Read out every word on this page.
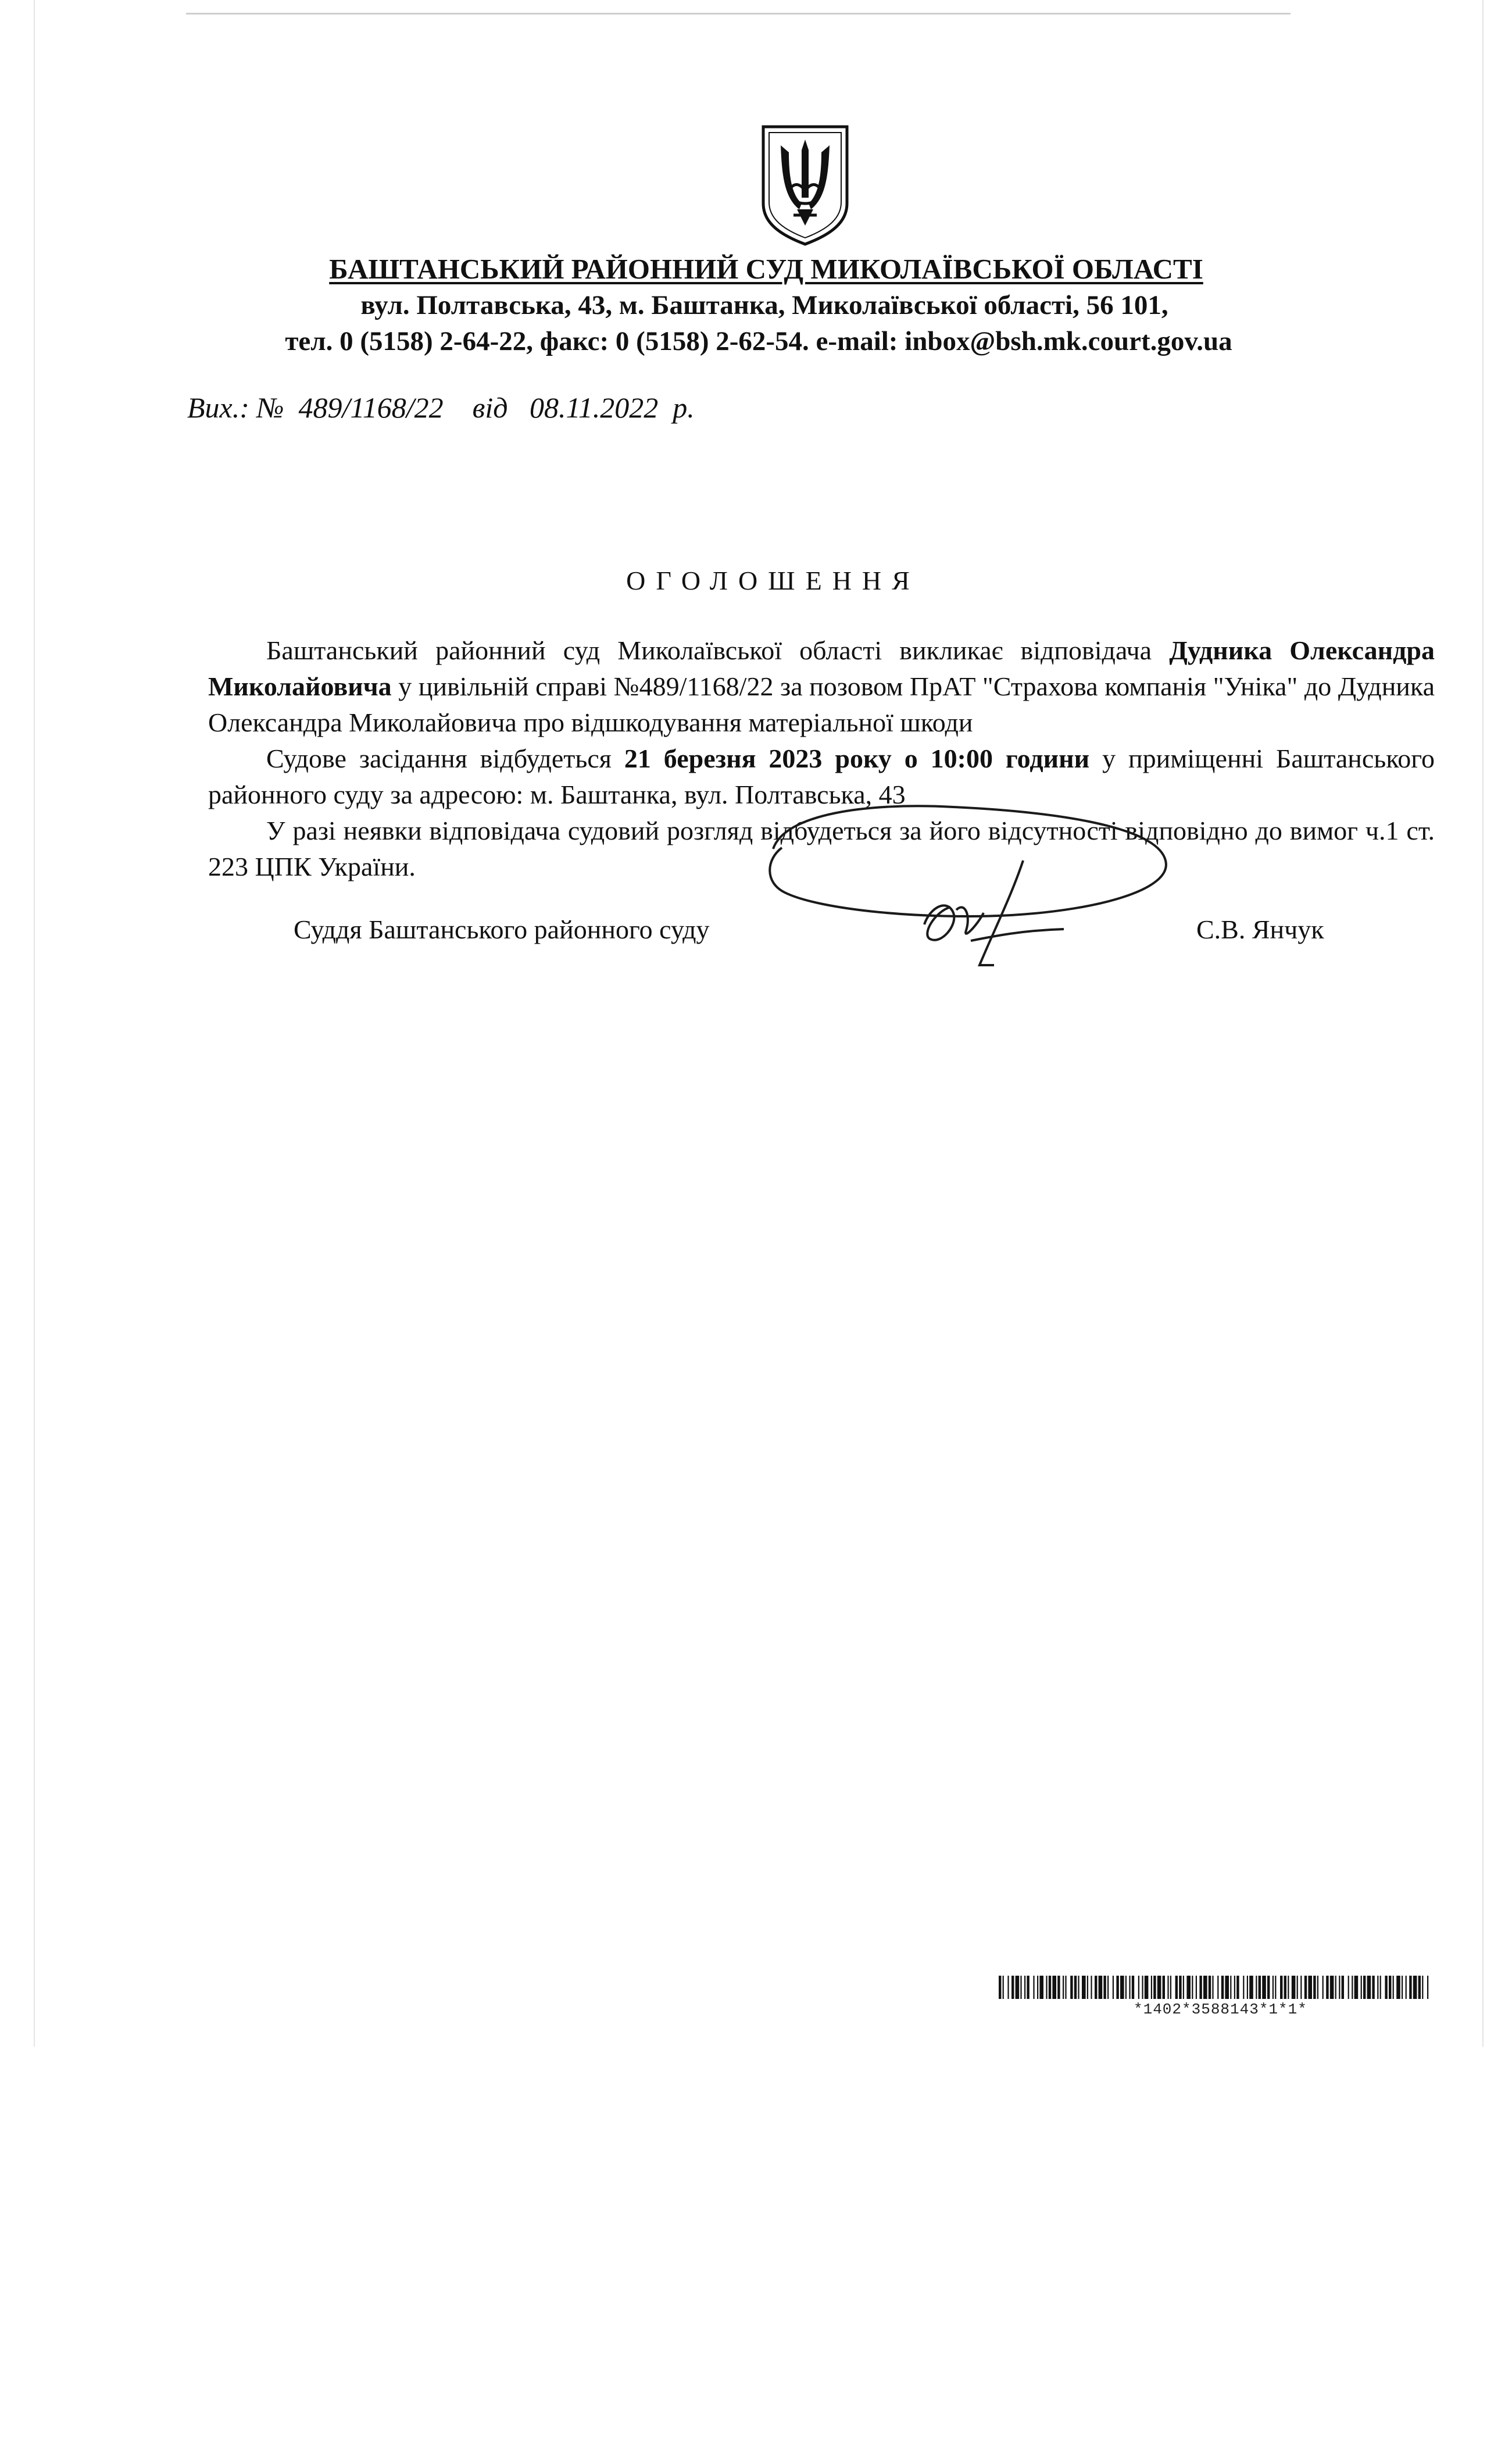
БАШТАНСЬКИЙ РАЙОННИЙ СУД МИКОЛАЇВСЬКОЇ ОБЛАСТІ
вул. Полтавська, 43, м. Баштанка, Миколаївської області, 56 101,
тел. 0 (5158) 2-64-22, факс: 0 (5158) 2-62-54. e-mail: inbox@bsh.mk.court.gov.ua
Вих.: № 489/1168/22 від 08.11.2022 р.
ОГОЛОШЕННЯ

Баштанський районний суд Миколаївської області викликає відповідача Дудника Олександра Миколайовича у цивільній справі №489/1168/22 за позовом ПрАТ "Страхова компанія "Уніка" до Дудника Олександра Миколайовича про відшкодування матеріальної шкоди

Судове засідання відбудеться 21 березня 2023 року о 10:00 години у приміщенні Баштанського районного суду за адресою: м. Баштанка, вул. Полтавська, 43

У разі неявки відповідача судовий розгляд відбудеться за його відсутності відповідно до вимог ч.1 ст. 223 ЦПК України.

Суддя Баштанського районного суду	С.В. Янчук
*1402*3588143*1*1*
